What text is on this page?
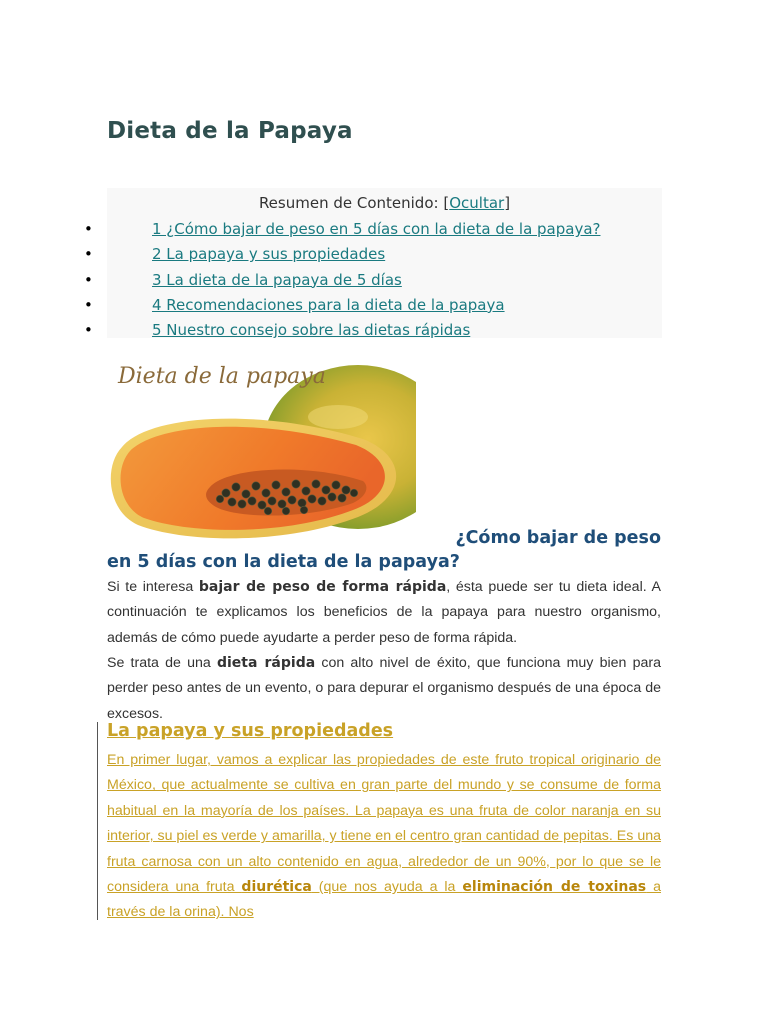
Dieta de la Papaya
Resumen de Contenido: [Ocultar]
•	1 ¿Cómo bajar de peso en 5 días con la dieta de la papaya?
•	2 La papaya y sus propiedades
•	3 La dieta de la papaya de 5 días
•	4 Recomendaciones para la dieta de la papaya
•	5 Nuestro consejo sobre las dietas rápidas
Dieta de la papaya
¿Cómo bajar de peso
en 5 días con la dieta de la papaya?

Si te interesa bajar de peso de forma rápida, ésta puede ser tu dieta ideal. A continuación te explicamos los beneficios de la papaya para nuestro organismo, además de cómo puede ayudarte a perder peso de forma rápida.

Se trata de una dieta rápida con alto nivel de éxito, que funciona muy bien para perder peso antes de un evento, o para depurar el organismo después de una época de excesos.

La papaya y sus propiedades

En primer lugar, vamos a explicar las propiedades de este fruto tropical originario de México, que actualmente se cultiva en gran parte del mundo y se consume de forma habitual en la mayoría de los países. La papaya es una fruta de color naranja en su interior, su piel es verde y amarilla, y tiene en el centro gran cantidad de pepitas. Es una fruta carnosa con un alto contenido en agua, alrededor de un 90%, por lo que se le considera una fruta diurética (que nos ayuda a la eliminación de toxinas a través de la orina). Nos
